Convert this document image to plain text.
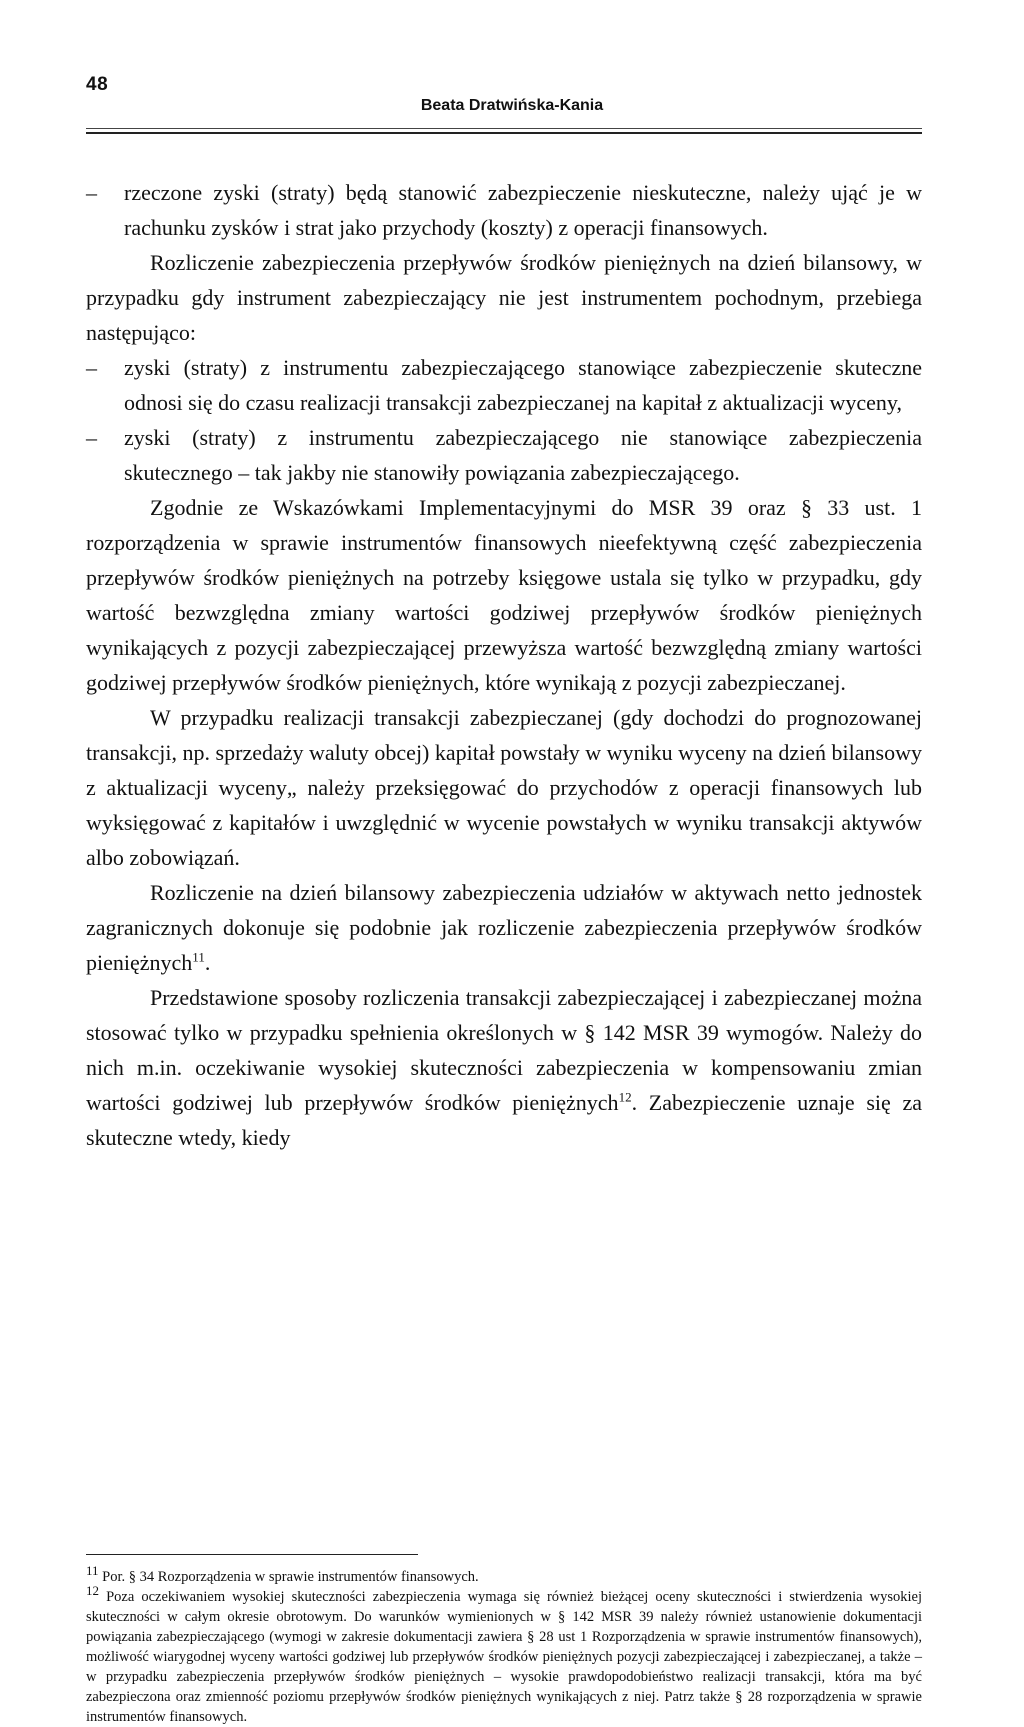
48
Beata Dratwińska-Kania

– rzeczone zyski (straty) będą stanowić zabezpieczenie nieskuteczne, należy ująć je w rachunku zysków i strat jako przychody (koszty) z operacji finansowych.

Rozliczenie zabezpieczenia przepływów środków pieniężnych na dzień bilansowy, w przypadku gdy instrument zabezpieczający nie jest instrumentem pochodnym, przebiega następująco:

– zyski (straty) z instrumentu zabezpieczającego stanowiące zabezpieczenie skuteczne odnosi się do czasu realizacji transakcji zabezpieczanej na kapitał z aktualizacji wyceny,

– zyski (straty) z instrumentu zabezpieczającego nie stanowiące zabezpieczenia skutecznego – tak jakby nie stanowiły powiązania zabezpieczającego.

Zgodnie ze Wskazówkami Implementacyjnymi do MSR 39 oraz § 33 ust. 1 rozporządzenia w sprawie instrumentów finansowych nieefektywną część zabezpieczenia przepływów środków pieniężnych na potrzeby księgowe ustala się tylko w przypadku, gdy wartość bezwzględna zmiany wartości godziwej przepływów środków pieniężnych wynikających z pozycji zabezpieczającej przewyższa wartość bezwzględną zmiany wartości godziwej przepływów środków pieniężnych, które wynikają z pozycji zabezpieczanej.

W przypadku realizacji transakcji zabezpieczanej (gdy dochodzi do prognozowanej transakcji, np. sprzedaży waluty obcej) kapitał powstały w wyniku wyceny na dzień bilansowy z aktualizacji wyceny„ należy przeksięgować do przychodów z operacji finansowych lub wyksięgować z kapitałów i uwzględnić w wycenie powstałych w wyniku transakcji aktywów albo zobowiązań.

Rozliczenie na dzień bilansowy zabezpieczenia udziałów w aktywach netto jednostek zagranicznych dokonuje się podobnie jak rozliczenie zabezpieczenia przepływów środków pieniężnych$^{11}$.

Przedstawione sposoby rozliczenia transakcji zabezpieczającej i zabezpieczanej można stosować tylko w przypadku spełnienia określonych w § 142 MSR 39 wymogów. Należy do nich m.in. oczekiwanie wysokiej skuteczności zabezpieczenia w kompensowaniu zmian wartości godziwej lub przepływów środków pieniężnych$^{12}$. Zabezpieczenie uznaje się za skuteczne wtedy, kiedy

$^{11}$ Por. § 34 Rozporządzenia w sprawie instrumentów finansowych.

$^{12}$ Poza oczekiwaniem wysokiej skuteczności zabezpieczenia wymaga się również bieżącej oceny skuteczności i stwierdzenia wysokiej skuteczności w całym okresie obrotowym. Do warunków wymienionych w § 142 MSR 39 należy również ustanowienie dokumentacji powiązania zabezpieczającego (wymogi w zakresie dokumentacji zawiera § 28 ust 1 Rozporządzenia w sprawie instrumentów finansowych), możliwość wiarygodnej wyceny wartości godziwej lub przepływów środków pieniężnych pozycji zabezpieczającej i zabezpieczanej, a także – w przypadku zabezpieczenia przepływów środków pieniężnych – wysokie prawdopodobieństwo realizacji transakcji, która ma być zabezpieczona oraz zmienność poziomu przepływów środków pieniężnych wynikających z niej. Patrz także § 28 rozporządzenia w sprawie instrumentów finansowych.
